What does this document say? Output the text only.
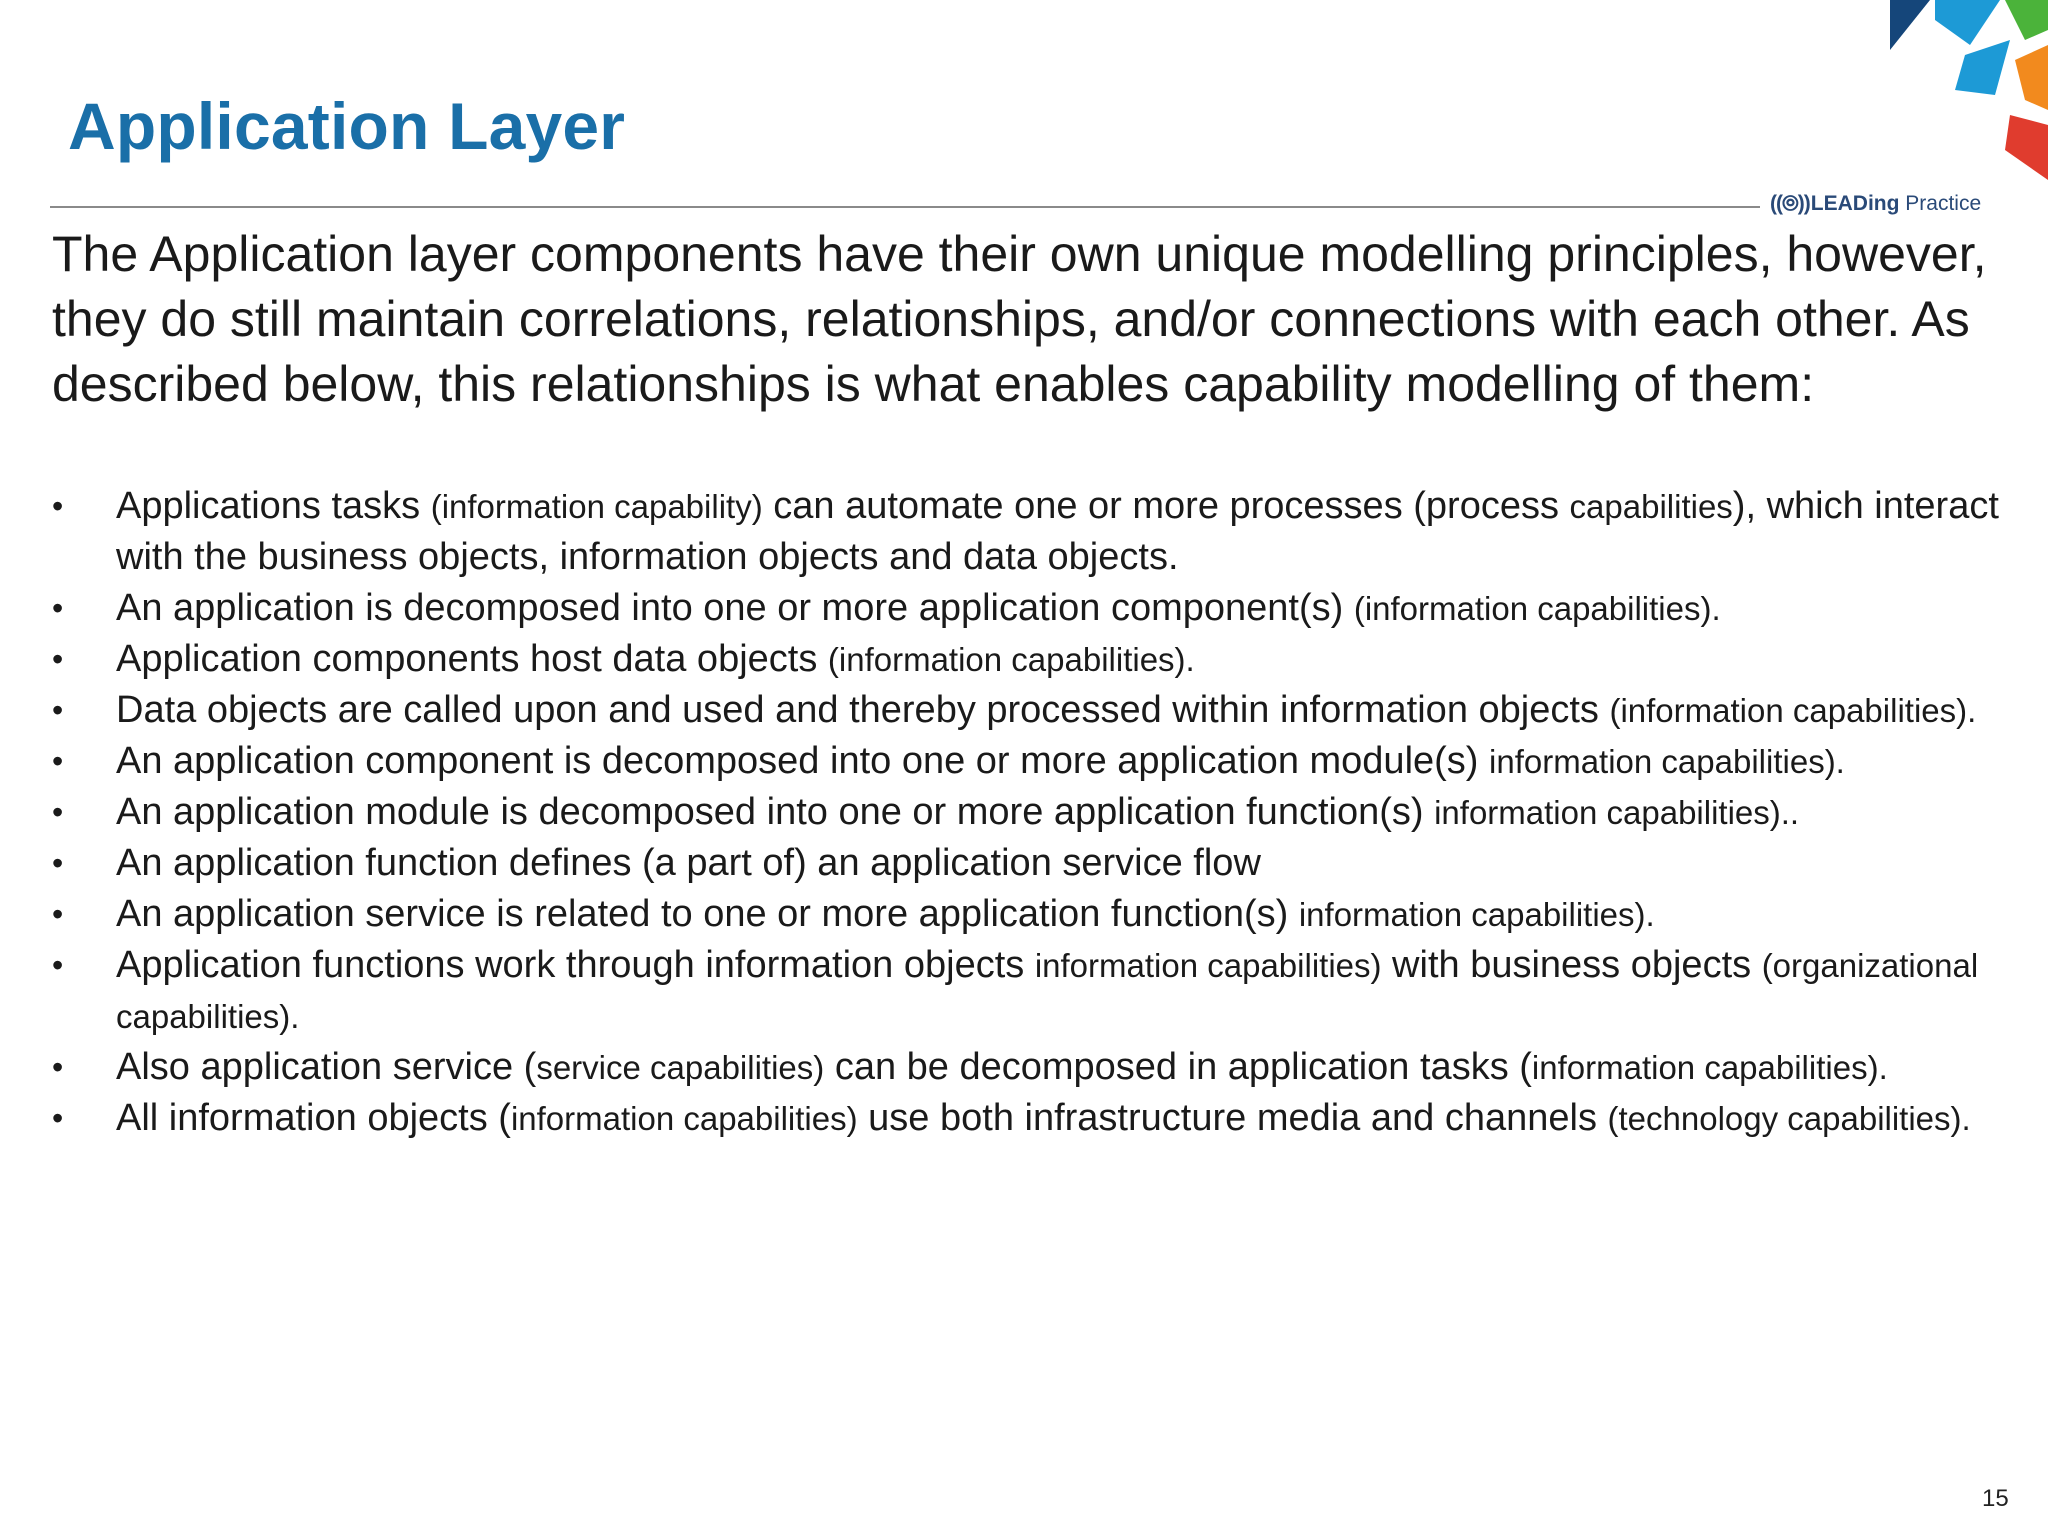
Application Layer
((⦾))LEADing Practice

The Application layer components have their own unique modelling principles, however, they do still maintain correlations, relationships, and/or connections with each other. As described below, this relationships is what enables capability modelling of them:

•	Applications tasks (information capability) can automate one or more processes (process capabilities), which interact with the business objects, information objects and data objects.
•	An application is decomposed into one or more application component(s) (information capabilities).
•	Application components host data objects (information capabilities).
•	Data objects are called upon and used and thereby processed within information objects (information capabilities).
•	An application component is decomposed into one or more application module(s) information capabilities).
•	An application module is decomposed into one or more application function(s) information capabilities)..
•	An application function defines (a part of) an application service flow
•	An application service is related to one or more application function(s) information capabilities).
•	Application functions work through information objects information capabilities) with business objects (organizational capabilities).
•	Also application service (service capabilities) can be decomposed in application tasks (information capabilities).
•	All information objects (information capabilities) use both infrastructure media and channels (technology capabilities).
15
